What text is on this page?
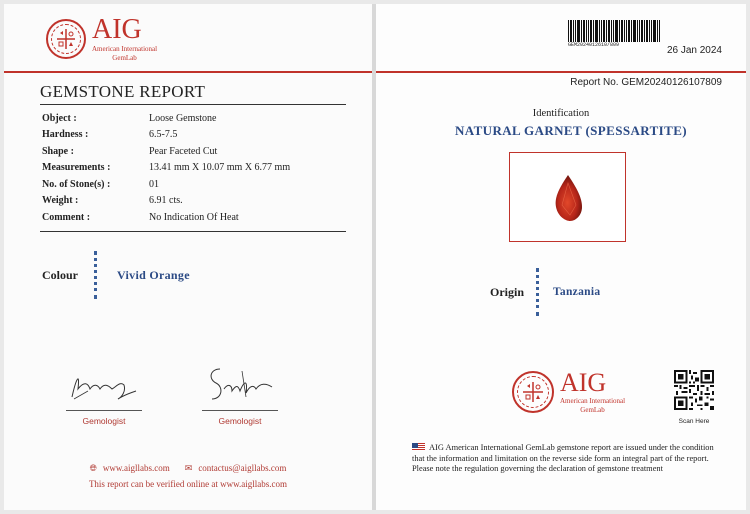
AIG
American International
GemLab
GEMSTONE REPORT
Object :	Loose Gemstone
Hardness :	6.5-7.5
Shape :	Pear Faceted Cut
Measurements :	13.41 mm X 10.07 mm X 6.77 mm
No. of Stone(s) :	01
Weight :	6.91 cts.
Comment :	No Indication Of Heat
Colour	Vivid Orange
Gemologist	Gemologist
🌐︎ www.aigllabs.com ✉ contactus@aigllabs.com
This report can be verified online at www.aigllabs.com
GEM2024012610/809	26 Jan 2024
Report No. GEM20240126107809
Identification
NATURAL GARNET (SPESSARTITE)
Origin	Tanzania
AIG
American International
GemLab
Scan Here
AIG American International GemLab gemstone report are issued under the condition that the information and limitation on the reverse side form an integral part of the report. Please note the regulation governing the declaration of gemstone treatment
